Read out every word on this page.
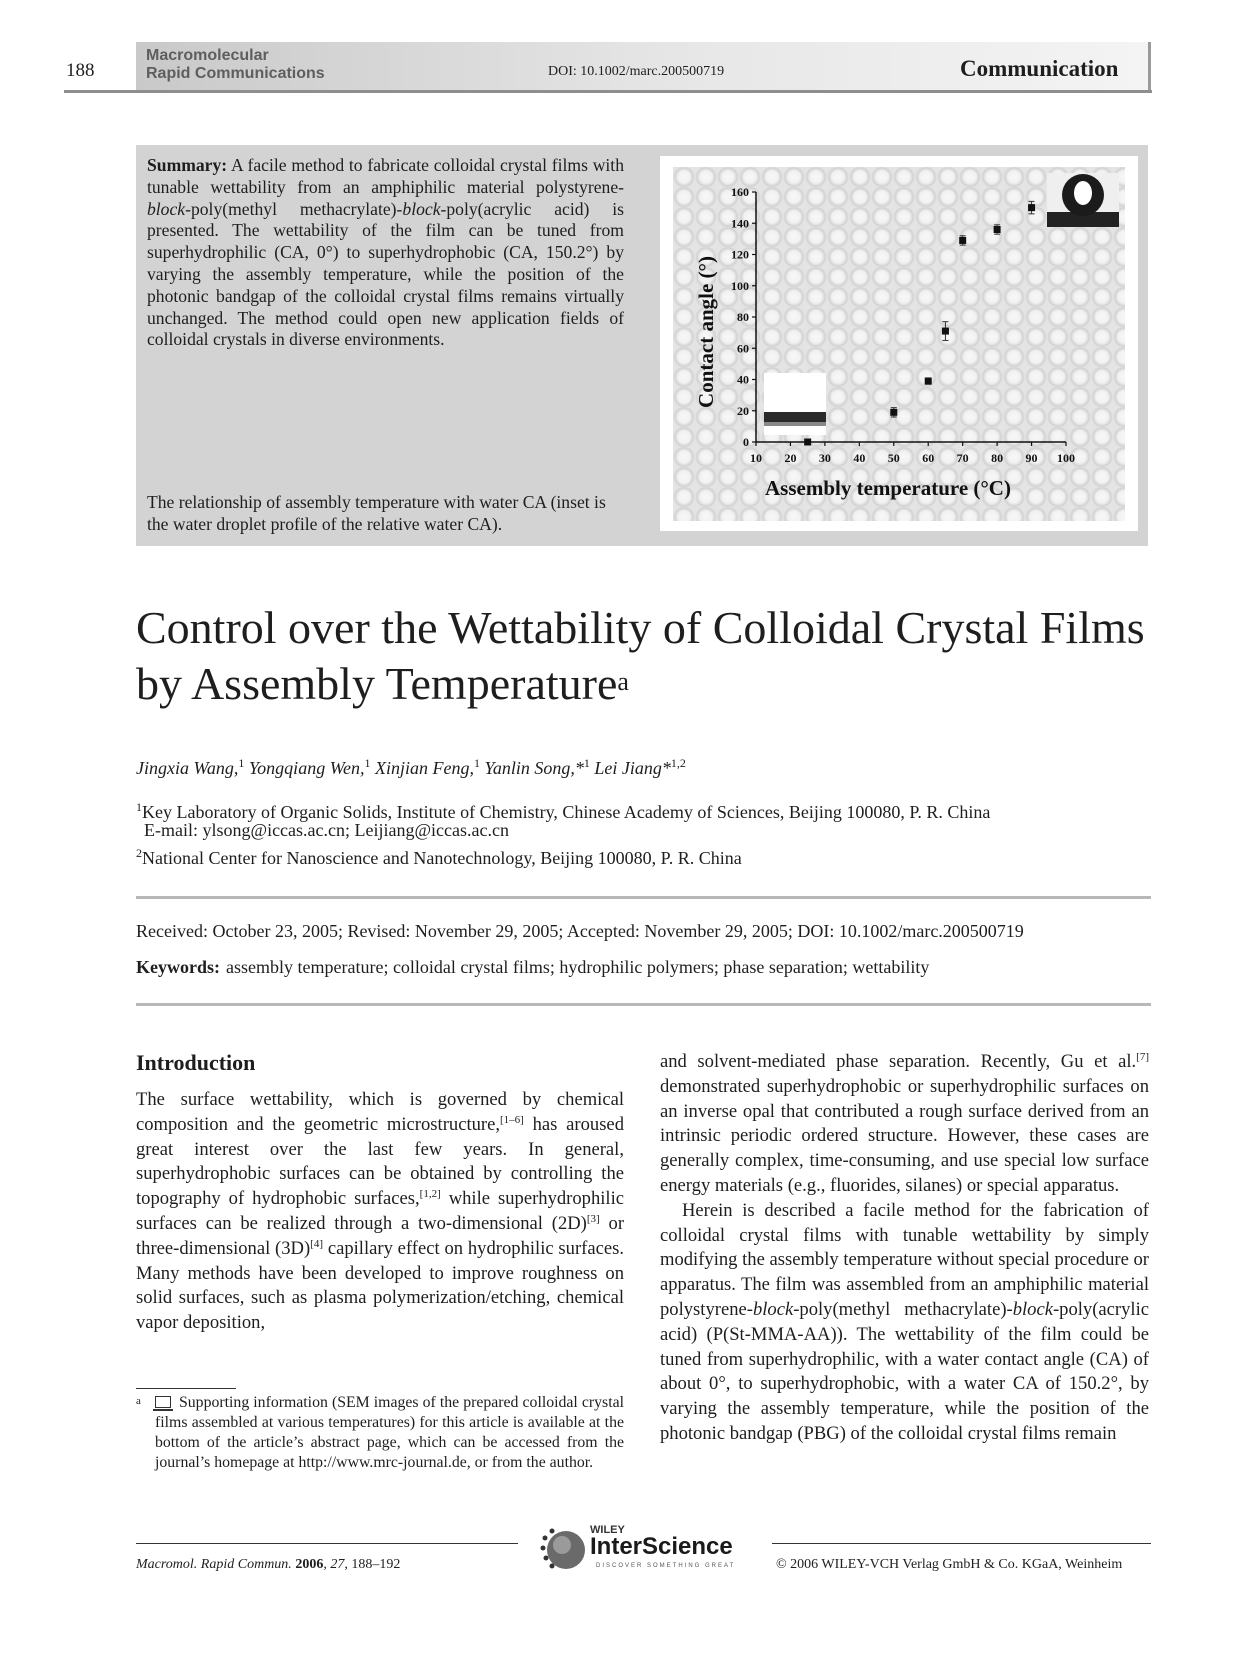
188
Macromolecular
Rapid Communications	DOI: 10.1002/marc.200500719	Communication
Summary: A facile method to fabricate colloidal crystal films with tunable wettability from an amphiphilic material polystyrene-block-poly(methyl methacrylate)-block-poly(acrylic acid) is presented. The wettability of the film can be tuned from superhydrophilic (CA, 0°) to superhydrophobic (CA, 150.2°) by varying the assembly temperature, while the position of the photonic bandgap of the colloidal crystal films remains virtually unchanged. The method could open new application fields of colloidal crystals in diverse environments.
The relationship of assembly temperature with water CA (inset is the water droplet profile of the relative water CA).
10 20 30 40 50 60 70 80 90 100
0
20
40
60
80
100
120
140
160
Assembly temperature (°C)
Contact angle (°)
Control over the Wettability of Colloidal Crystal Films
by Assembly Temperature$^a$
Jingxia Wang,$^1$ Yongqiang Wen,$^1$ Xinjian Feng,$^1$ Yanlin Song,*$^1$ Lei Jiang*$^{1,2}$
$^1$Key Laboratory of Organic Solids, Institute of Chemistry, Chinese Academy of Sciences, Beijing 100080, P. R. China
E-mail: ylsong@iccas.ac.cn; Leijiang@iccas.ac.cn
$^2$National Center for Nanoscience and Nanotechnology, Beijing 100080, P. R. China
Received: October 23, 2005; Revised: November 29, 2005; Accepted: November 29, 2005; DOI: 10.1002/marc.200500719
Keywords: assembly temperature; colloidal crystal films; hydrophilic polymers; phase separation; wettability
Introduction

The surface wettability, which is governed by chemical composition and the geometric microstructure,[1–6] has aroused great interest over the last few years. In general, superhydrophobic surfaces can be obtained by controlling the topography of hydrophobic surfaces,[1,2] while superhydrophilic surfaces can be realized through a two-dimensional (2D)[3] or three-dimensional (3D)[4] capillary effect on hydrophilic surfaces. Many methods have been developed to improve roughness on solid surfaces, such as plasma polymerization/etching, chemical vapor deposition,

and solvent-mediated phase separation. Recently, Gu et al.[7] demonstrated superhydrophobic or superhydrophilic surfaces on an inverse opal that contributed a rough surface derived from an intrinsic periodic ordered structure. However, these cases are generally complex, time-consuming, and use special low surface energy materials (e.g., fluorides, silanes) or special apparatus.

Herein is described a facile method for the fabrication of colloidal crystal films with tunable wettability by simply modifying the assembly temperature without special procedure or apparatus. The film was assembled from an amphiphilic material polystyrene-block-poly(methyl methacrylate)-block-poly(acrylic acid) (P(St-MMA-AA)). The wettability of the film could be tuned from superhydrophilic, with a water contact angle (CA) of about 0°, to superhydrophobic, with a water CA of 150.2°, by varying the assembly temperature, while the position of the photonic bandgap (PBG) of the colloidal crystal films remain

a	Supporting information (SEM images of the prepared colloidal crystal films assembled at various temperatures) for this article is available at the bottom of the article’s abstract page, which can be accessed from the journal’s homepage at http://www.mrc-journal.de, or from the author.
Macromol. Rapid Commun. 2006, 27, 188–192	© 2006 WILEY-VCH Verlag GmbH & Co. KGaA, Weinheim
WILEY
InterScience
DISCOVER SOMETHING GREAT
